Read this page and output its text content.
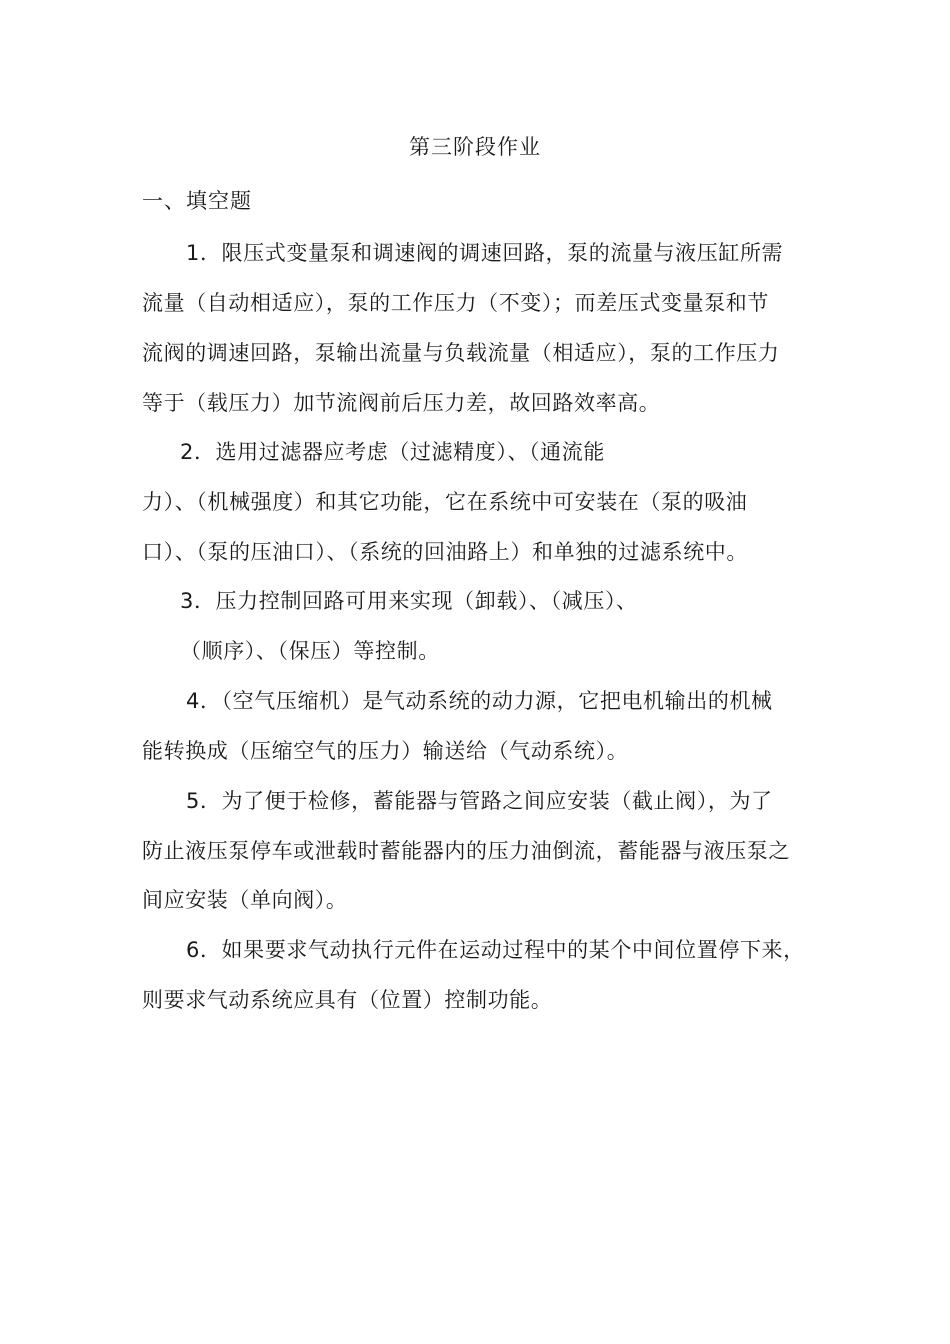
第三阶段作业
一、填空题
1．限压式变量泵和调速阀的调速回路，泵的流量与液压缸所需
流量（自动相适应），泵的工作压力（不变）；而差压式变量泵和节
流阀的调速回路，泵输出流量与负载流量（相适应），泵的工作压力
等于（载压力）加节流阀前后压力差，故回路效率高。
2．选用过滤器应考虑（过滤精度）、（通流能
力）、（机械强度）和其它功能，它在系统中可安装在（泵的吸油
口）、（泵的压油口）、（系统的回油路上）和单独的过滤系统中。
3．压力控制回路可用来实现（卸载）、（减压）、
（顺序）、（保压）等控制。
4．（空气压缩机）是气动系统的动力源，它把电机输出的机械
能转换成（压缩空气的压力）输送给（气动系统）。
5．为了便于检修，蓄能器与管路之间应安装（截止阀），为了
防止液压泵停车或泄载时蓄能器内的压力油倒流，蓄能器与液压泵之
间应安装（单向阀）。
6．如果要求气动执行元件在运动过程中的某个中间位置停下来，
则要求气动系统应具有（位置）控制功能。
